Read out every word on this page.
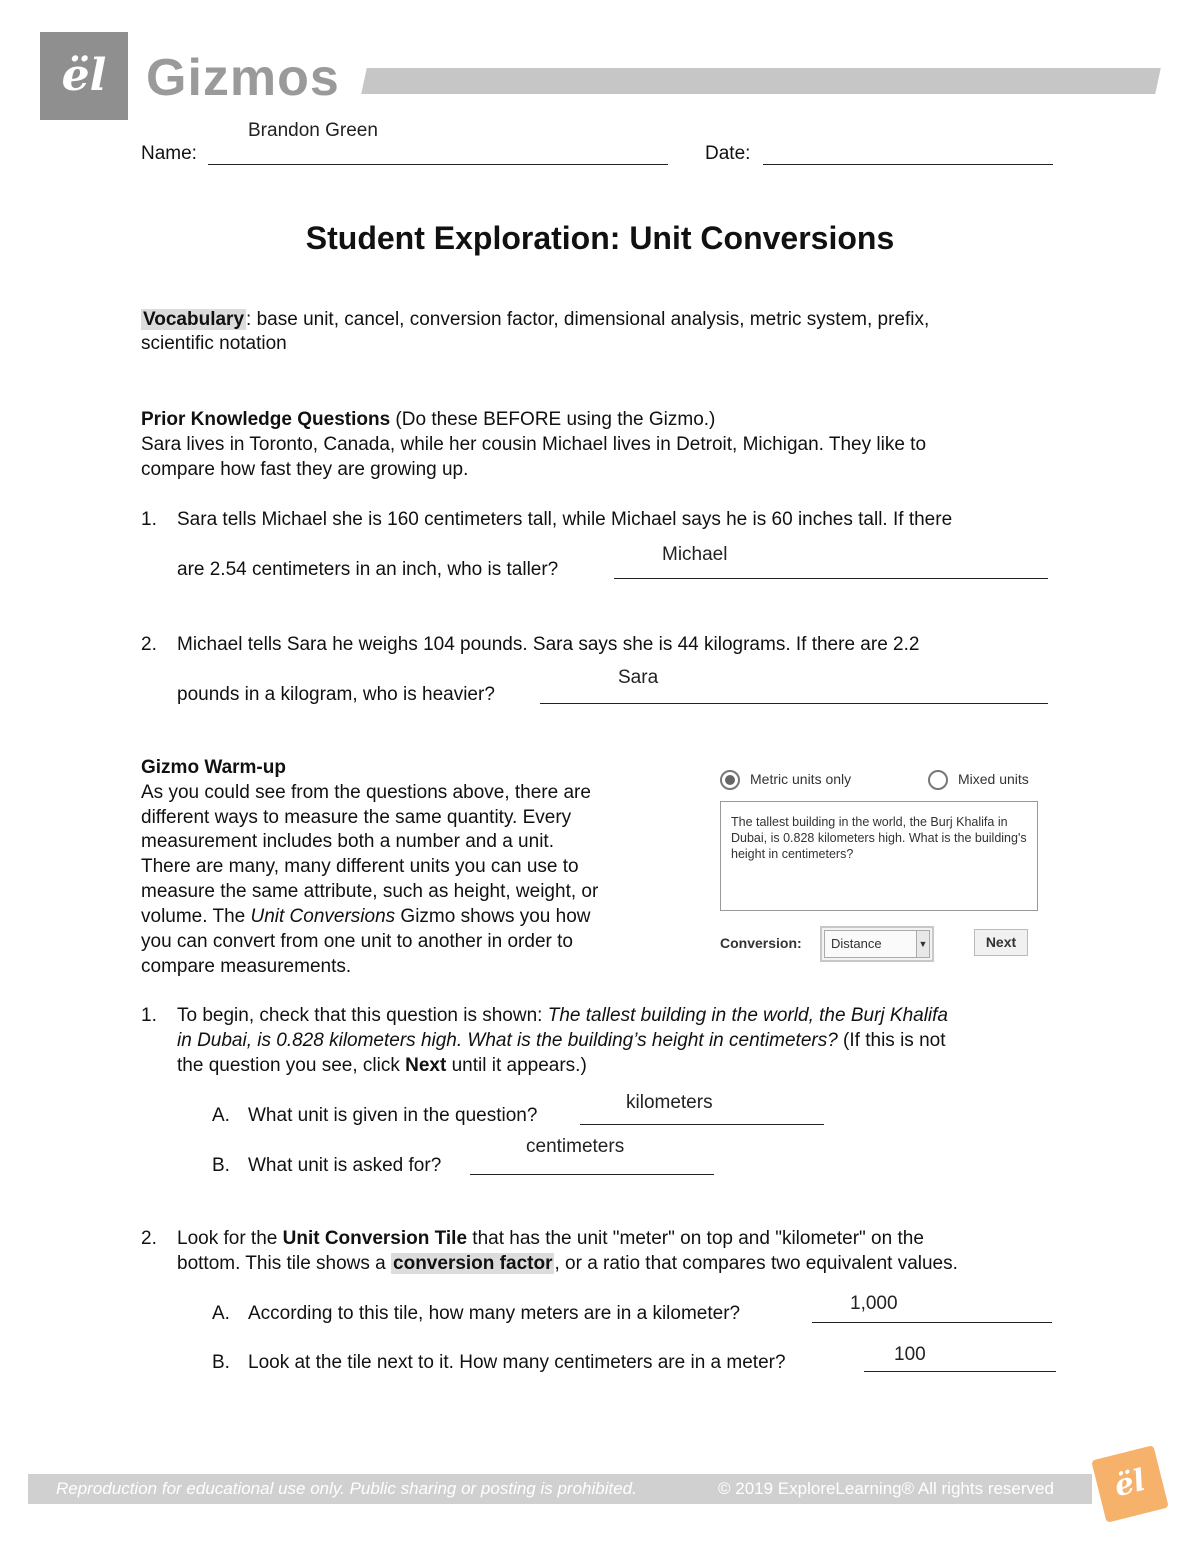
ël Gizmos
Brandon Green
Name:	Date:
Student Exploration: Unit Conversions
Vocabulary : base unit, cancel, conversion factor, dimensional analysis, metric system, prefix,
scientific notation
Prior Knowledge Questions (Do these BEFORE using the Gizmo.)
Sara lives in Toronto, Canada, while her cousin Michael lives in Detroit, Michigan. They like to
compare how fast they are growing up.
1. Sara tells Michael she is 160 centimeters tall, while Michael says he is 60 inches tall. If there
are 2.54 centimeters in an inch, who is taller?
Michael
2. Michael tells Sara he weighs 104 pounds. Sara says she is 44 kilograms. If there are 2.2
pounds in a kilogram, who is heavier?
Sara
Gizmo Warm-up
As you could see from the questions above, there are
different ways to measure the same quantity. Every
measurement includes both a number and a unit.
There are many, many different units you can use to
measure the same attribute, such as height, weight, or
volume. The Unit Conversions Gizmo shows you how
you can convert from one unit to another in order to
compare measurements.
Metric units only	Mixed units
The tallest building in the world, the Burj Khalifa in Dubai, is 0.828 kilometers high. What is the building's height in centimeters?
Conversion:	Distance	▼	Next
1. To begin, check that this question is shown: The tallest building in the world, the Burj Khalifa
in Dubai, is 0.828 kilometers high. What is the building’s height in centimeters? (If this is not
the question you see, click Next until it appears.)
A. What unit is given in the question?
kilometers
B. What unit is asked for?
centimeters
2. Look for the Unit Conversion Tile that has the unit "meter" on top and "kilometer" on the
bottom. This tile shows a conversion factor , or a ratio that compares two equivalent values.
A. According to this tile, how many meters are in a kilometer?	1,000
B. Look at the tile next to it. How many centimeters are in a meter?	100
Reproduction for educational use only. Public sharing or posting is prohibited.	© 2019 ExploreLearning® All rights reserved	ël
